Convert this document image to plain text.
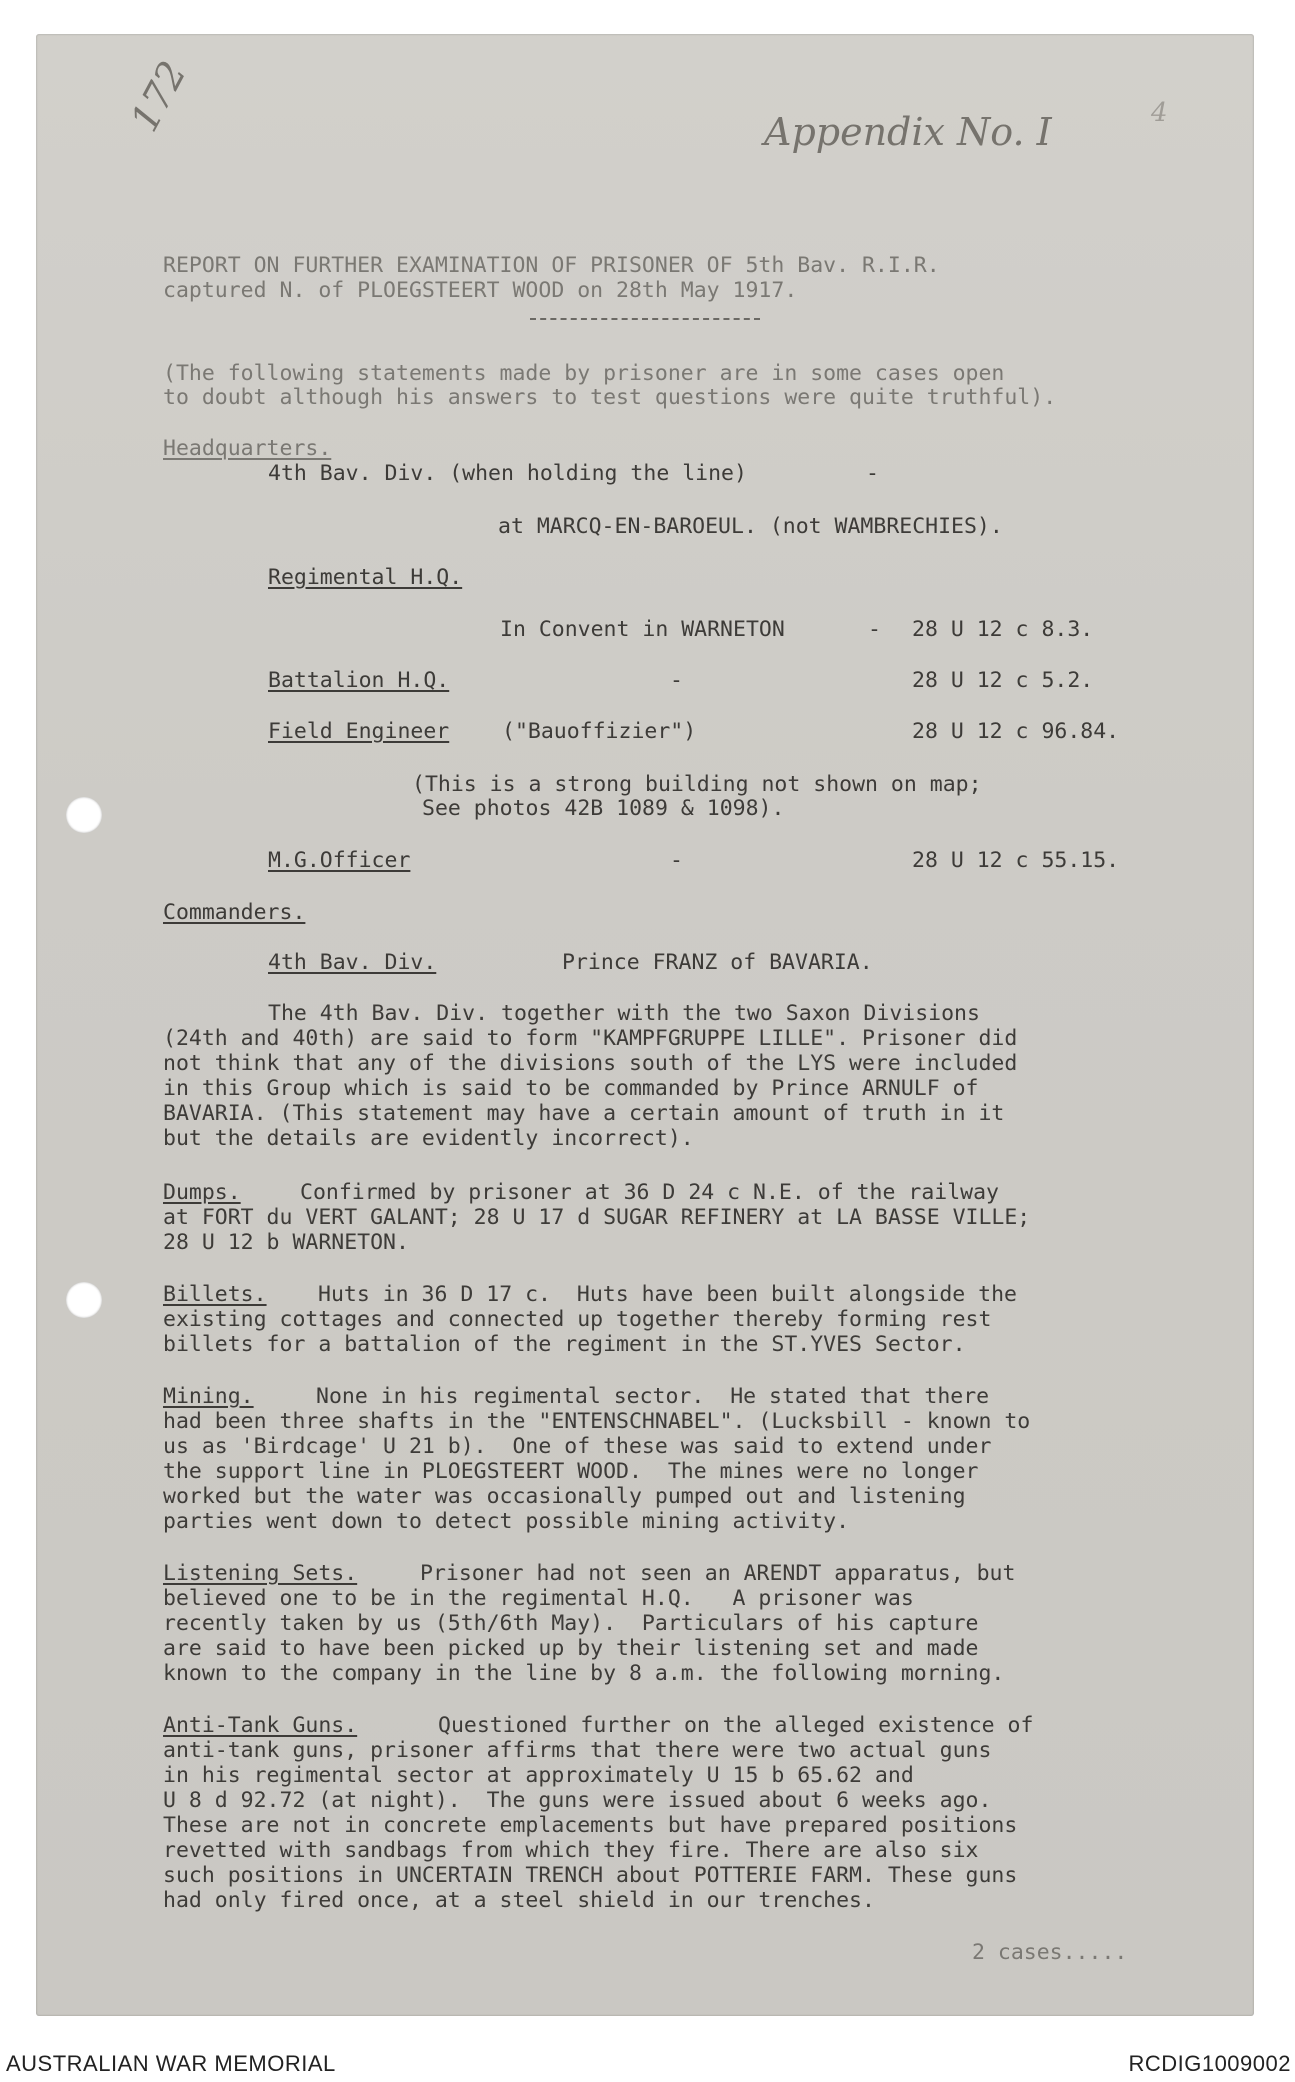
172	Appendix No. I	4
REPORT ON FURTHER EXAMINATION OF PRISONER OF 5th Bav. R.I.R.
captured N. of PLOEGSTEERT WOOD on 28th May 1917.
(The following statements made by prisoner are in some cases open
to doubt although his answers to test questions were quite truthful).
Headquarters.
4th Bav. Div. (when holding the line)	-
at MARCQ-EN-BAROEUL. (not WAMBRECHIES).
Regimental H.Q.
In Convent in WARNETON	- 28 U 12 c 8.3.
Battalion H.Q.	-	28 U 12 c 5.2.
Field Engineer ("Bauoffizier")	28 U 12 c 96.84.
(This is a strong building not shown on map;
See photos 42B 1089 & 1098).
M.G.Officer	-	28 U 12 c 55.15.
Commanders.
4th Bav. Div.	Prince FRANZ of BAVARIA.
The 4th Bav. Div. together with the two Saxon Divisions
(24th and 40th) are said to form "KAMPFGRUPPE LILLE". Prisoner did
not think that any of the divisions south of the LYS were included
in this Group which is said to be commanded by Prince ARNULF of
BAVARIA. (This statement may have a certain amount of truth in it
but the details are evidently incorrect).
Dumps.	Confirmed by prisoner at 36 D 24 c N.E. of the railway
at FORT du VERT GALANT; 28 U 17 d SUGAR REFINERY at LA BASSE VILLE;
28 U 12 b WARNETON.
Billets. Huts in 36 D 17 c.  Huts have been built alongside the
existing cottages and connected up together thereby forming rest
billets for a battalion of the regiment in the ST.YVES Sector.
Mining.	None in his regimental sector.  He stated that there
had been three shafts in the "ENTENSCHNABEL". (Lucksbill - known to
us as 'Birdcage' U 21 b).  One of these was said to extend under
the support line in PLOEGSTEERT WOOD.  The mines were no longer
worked but the water was occasionally pumped out and listening
parties went down to detect possible mining activity.
Listening Sets.	Prisoner had not seen an ARENDT apparatus, but
believed one to be in the regimental H.Q.   A prisoner was
recently taken by us (5th/6th May).  Particulars of his capture
are said to have been picked up by their listening set and made
known to the company in the line by 8 a.m. the following morning.
Anti-Tank Guns.	Questioned further on the alleged existence of
anti-tank guns, prisoner affirms that there were two actual guns
in his regimental sector at approximately U 15 b 65.62 and
U 8 d 92.72 (at night).  The guns were issued about 6 weeks ago.
These are not in concrete emplacements but have prepared positions
revetted with sandbags from which they fire. There are also six
such positions in UNCERTAIN TRENCH about POTTERIE FARM. These guns
had only fired once, at a steel shield in our trenches.
2 cases.....
AUSTRALIAN WAR MEMORIAL	RCDIG1009002
